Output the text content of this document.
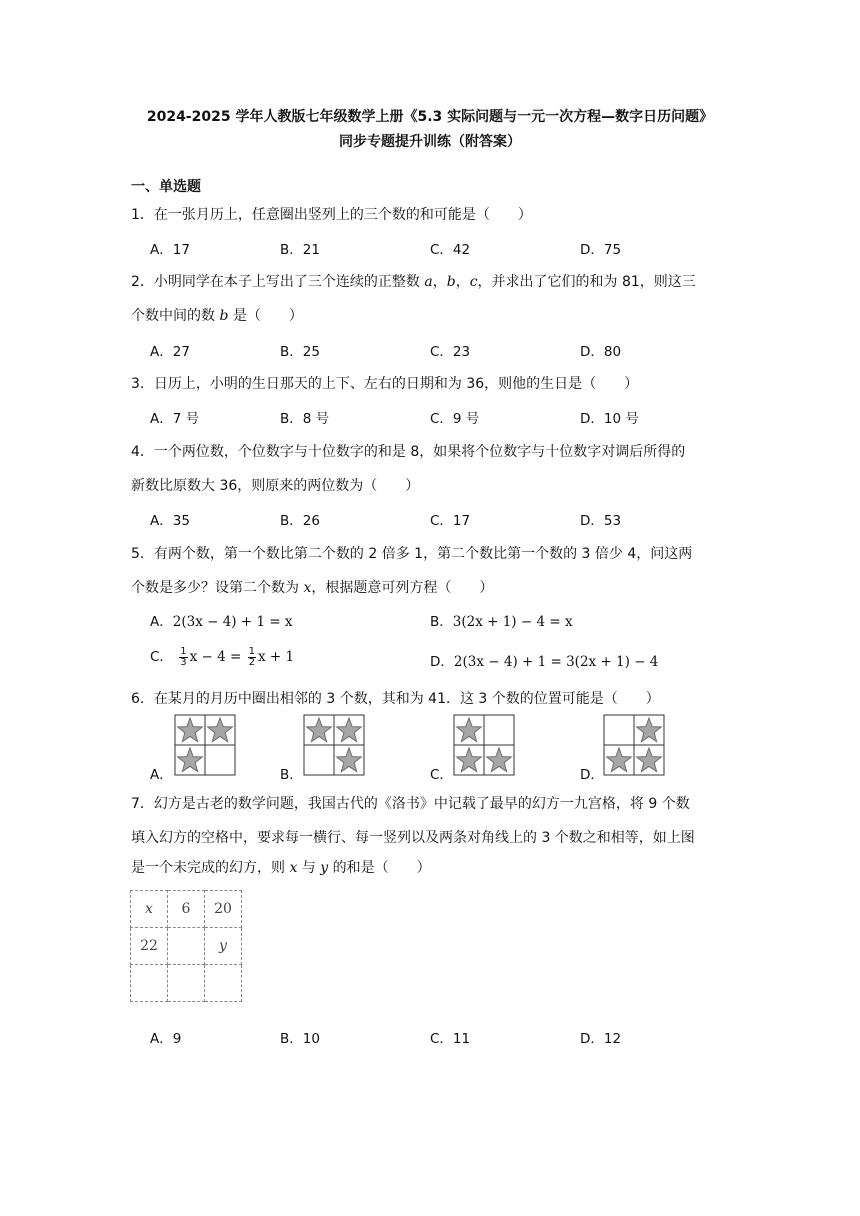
2024-2025 学年人教版七年级数学上册《5.3 实际问题与一元一次方程—数字日历问题》
同步专题提升训练（附答案）
一、单选题
1．在一张月历上，任意圈出竖列上的三个数的和可能是（　　）
A．17	B．21	C．42	D．75
2．小明同学在本子上写出了三个连续的正整数 a，b，c，并求出了它们的和为 81，则这三
个数中间的数 b 是（　　）
A．27	B．25	C．23	D．80
3．日历上，小明的生日那天的上下、左右的日期和为 36，则他的生日是（　　）
A．7 号	B．8 号	C．9 号	D．10 号
4．一个两位数，个位数字与十位数字的和是 8，如果将个位数字与十位数字对调后所得的
新数比原数大 36，则原来的两位数为（　　）
A．35	B．26	C．17	D．53
5．有两个数，第一个数比第二个数的 2 倍多 1，第二个数比第一个数的 3 倍少 4，问这两
个数是多少？设第二个数为 x，根据题意可列方程（　　）
A．2(3x − 4) + 1 = x	B．3(2x + 1) − 4 = x
C． $\frac{1}{3}$ $x - 4 = \frac{1}{2}$ x + 1	D．2(3x − 4) + 1 = 3(2x + 1) − 4
6．在某月的月历中圈出相邻的 3 个数，其和为 41．这 3 个数的位置可能是（　　）
A．	B．	C．	D．
7．幻方是古老的数学问题，我国古代的《洛书》中记载了最早的幻方一九宫格，将 9 个数
填入幻方的空格中，要求每一横行、每一竖列以及两条对角线上的 3 个数之和相等，如上图
是一个未完成的幻方，则 x 与 y 的和是（　　）
x	6	20
22		y

A．9	B．10	C．11	D．12
